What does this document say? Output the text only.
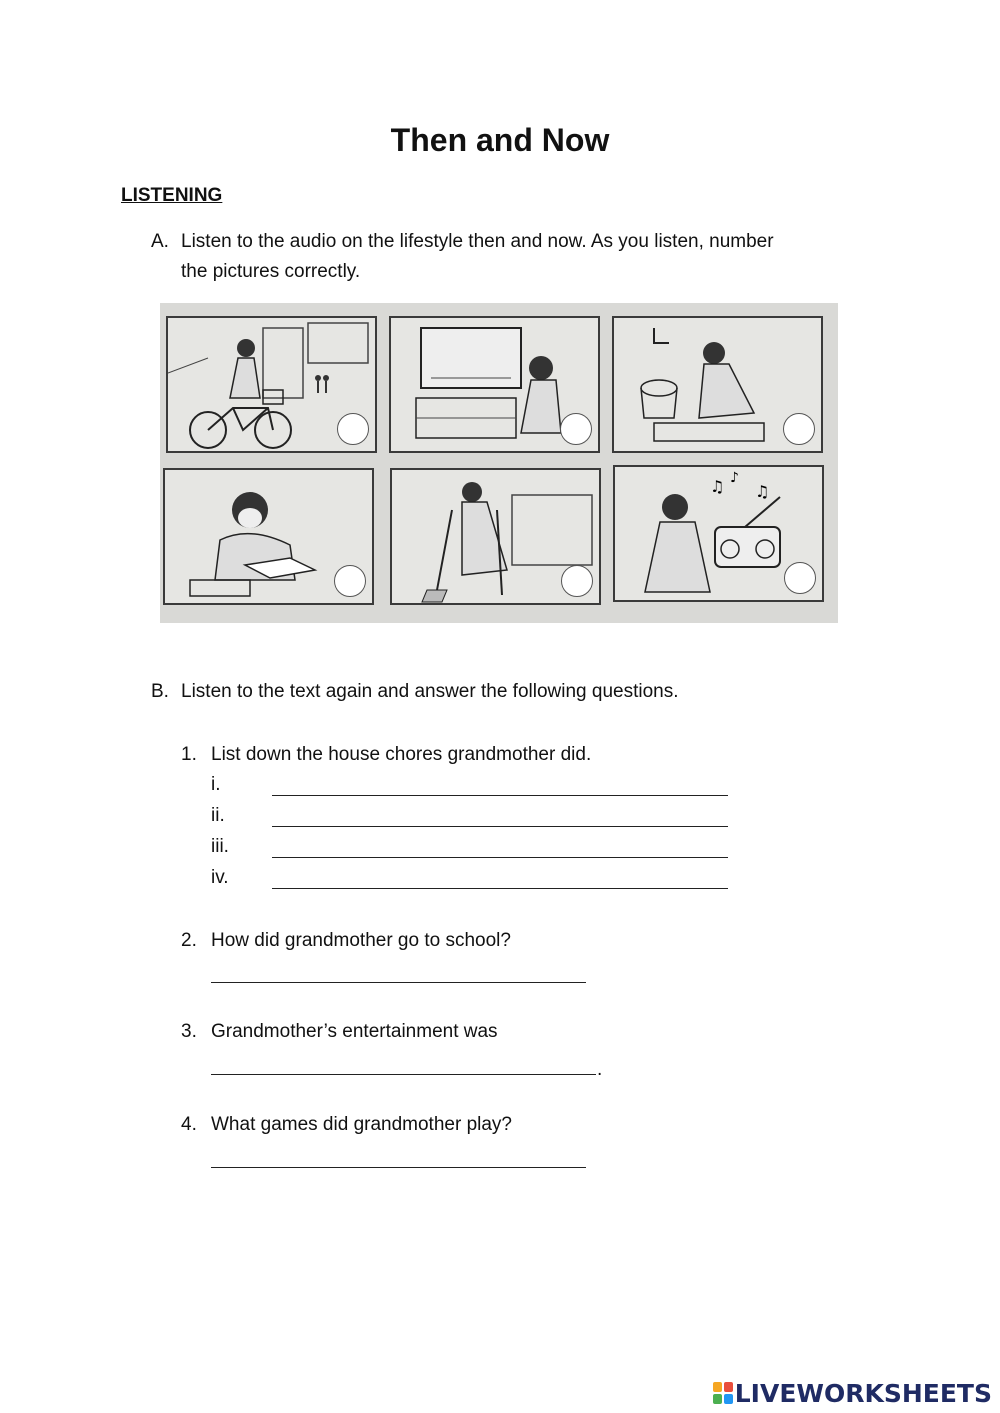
Then and Now
LISTENING
A. Listen to the audio on the lifestyle then and now. As you listen, number
the pictures correctly.
♫ ♪
♫
B. Listen to the text again and answer the following questions.
1. List down the house chores grandmother did.
i.
ii.
iii.
iv.
2. How did grandmother go to school?
3. Grandmother’s entertainment was
.
4. What games did grandmother play?
LIVEWORKSHEETS
